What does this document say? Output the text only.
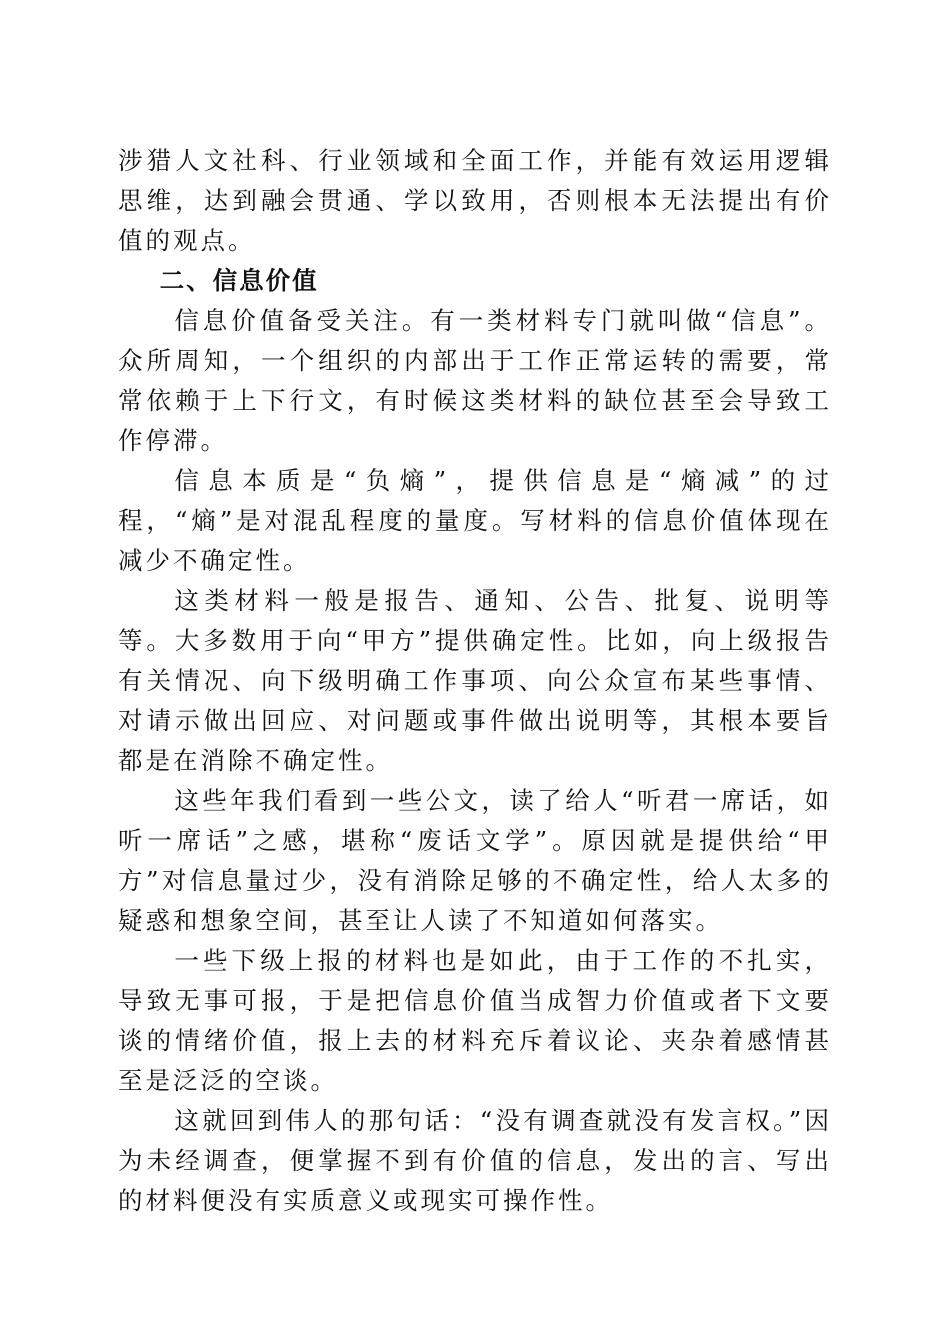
涉猎人文社科、行业领域和全面工作，并能有效运用逻辑思维，达到融会贯通、学以致用，否则根本无法提出有价值的观点。

二、信息价值

信息价值备受关注。有一类材料专门就叫做“信息”。众所周知，一个组织的内部出于工作正常运转的需要，常常依赖于上下行文，有时候这类材料的缺位甚至会导致工作停滞。

信息本质是“负熵”，提供信息是“熵减”的过程，“熵”是对混乱程度的量度。写材料的信息价值体现在减少不确定性。

这类材料一般是报告、通知、公告、批复、说明等等。大多数用于向“甲方”提供确定性。比如，向上级报告有关情况、向下级明确工作事项、向公众宣布某些事情、对请示做出回应、对问题或事件做出说明等，其根本要旨都是在消除不确定性。

这些年我们看到一些公文，读了给人“听君一席话，如听一席话”之感，堪称“废话文学”。原因就是提供给“甲方”对信息量过少，没有消除足够的不确定性，给人太多的疑惑和想象空间，甚至让人读了不知道如何落实。

一些下级上报的材料也是如此，由于工作的不扎实，导致无事可报，于是把信息价值当成智力价值或者下文要谈的情绪价值，报上去的材料充斥着议论、夹杂着感情甚至是泛泛的空谈。

这就回到伟人的那句话：“没有调查就没有发言权。”因为未经调查，便掌握不到有价值的信息，发出的言、写出的材料便没有实质意义或现实可操作性。
